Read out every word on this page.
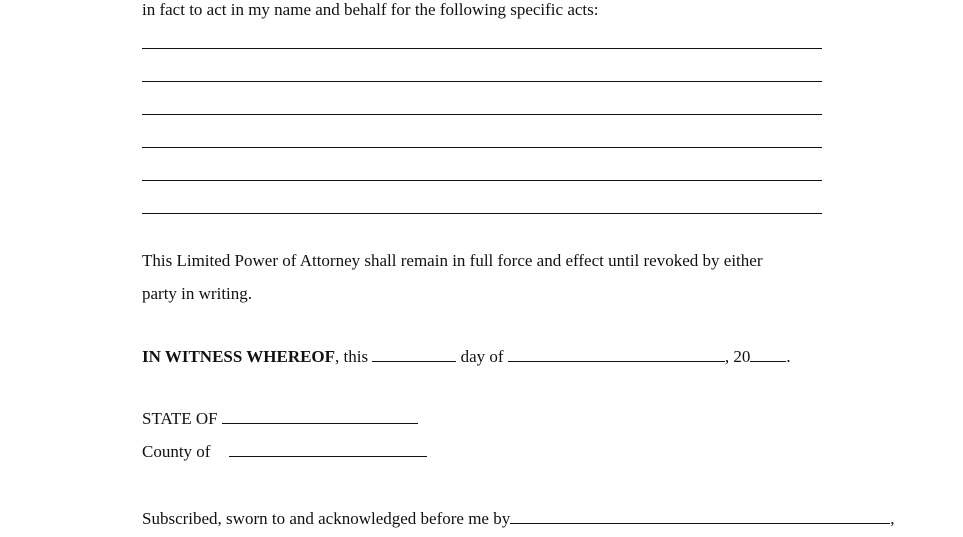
in fact to act in my name and behalf for the following specific acts:
This Limited Power of Attorney shall remain in full force and effect until revoked by either
party in writing.
IN WITNESS WHEREOF, this	day of	, 20 .
STATE OF
County of
Subscribed, sworn to and acknowledged before me by	,
